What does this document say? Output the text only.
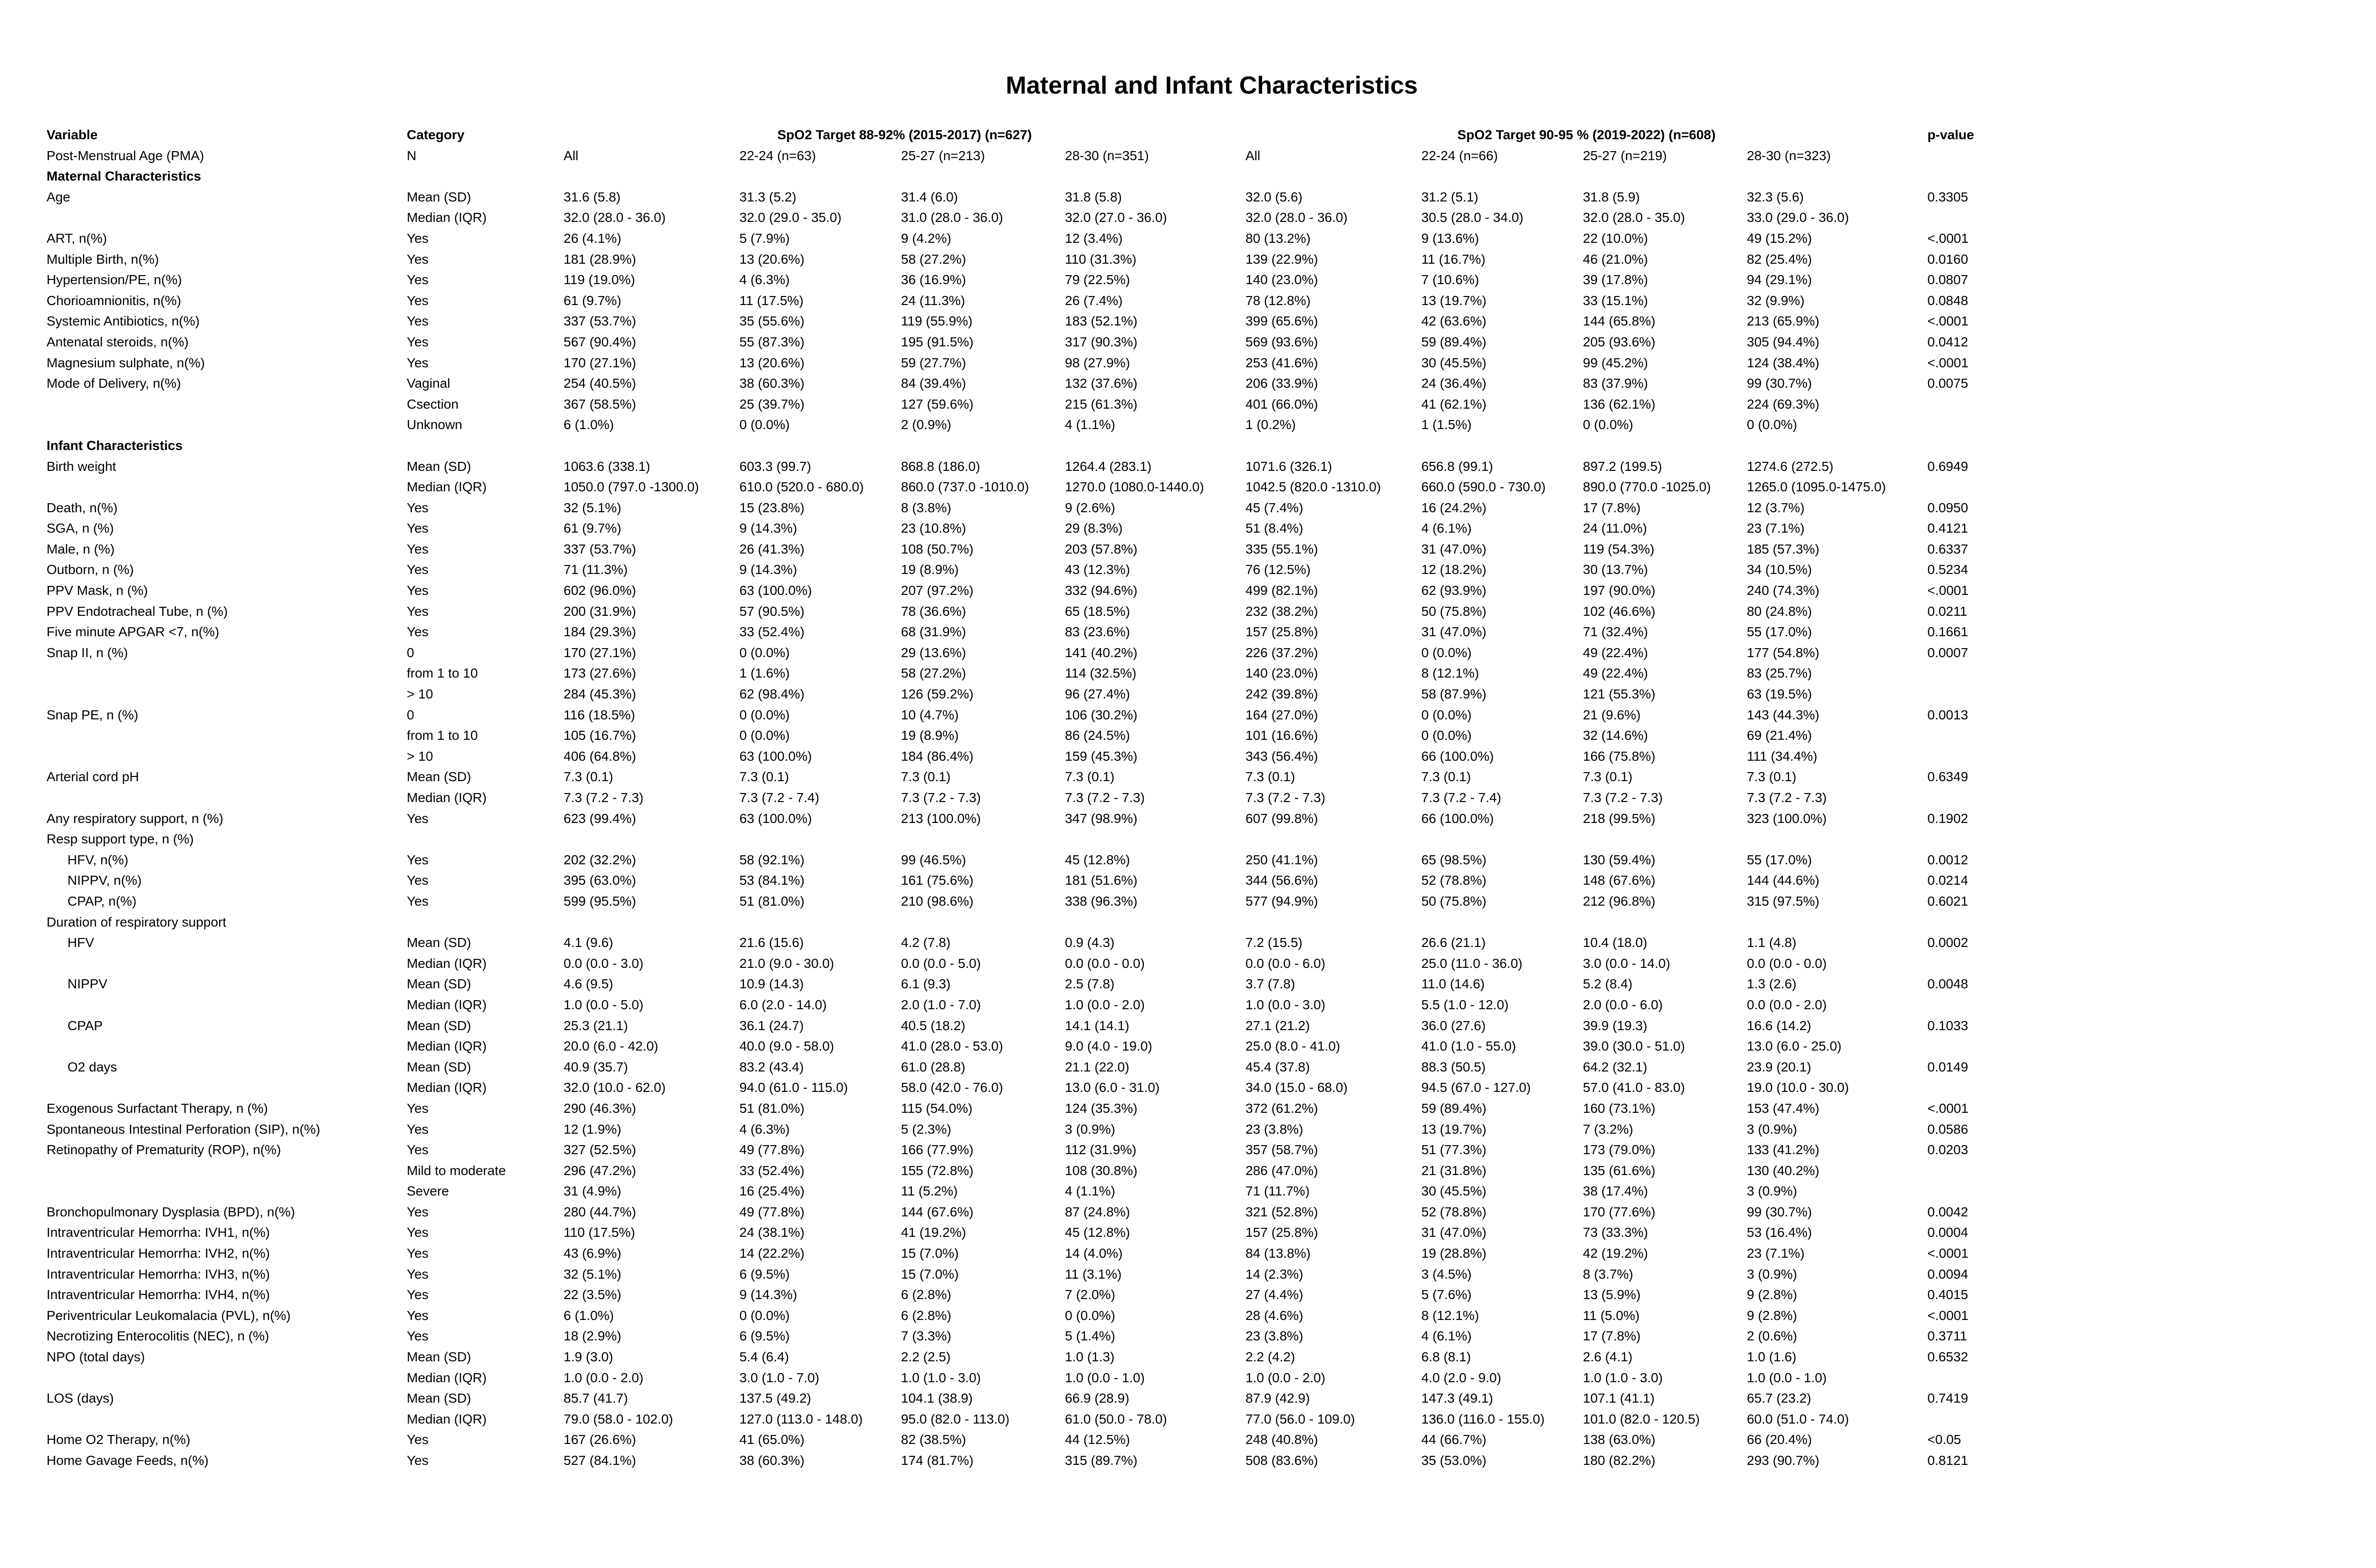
Maternal and Infant Characteristics
Variable	Category	SpO2 Target 88-92% (2015-2017) (n=627)				SpO2 Target 90-95 % (2019-2022) (n=608)				p-value
Post-Menstrual Age (PMA)	N	All	22-24 (n=63)	25-27 (n=213)	28-30 (n=351)	All	22-24 (n=66)	25-27 (n=219)	28-30 (n=323)	
Maternal Characteristics										
Age	Mean (SD)	31.6 (5.8)	31.3 (5.2)	31.4 (6.0)	31.8 (5.8)	32.0 (5.6)	31.2 (5.1)	31.8 (5.9)	32.3 (5.6)	0.3305
	Median (IQR)	32.0 (28.0 - 36.0)	32.0 (29.0 - 35.0)	31.0 (28.0 - 36.0)	32.0 (27.0 - 36.0)	32.0 (28.0 - 36.0)	30.5 (28.0 - 34.0)	32.0 (28.0 - 35.0)	33.0 (29.0 - 36.0)	
ART, n(%)	Yes	26 (4.1%)	5 (7.9%)	9 (4.2%)	12 (3.4%)	80 (13.2%)	9 (13.6%)	22 (10.0%)	49 (15.2%)	<.0001
Multiple Birth, n(%)	Yes	181 (28.9%)	13 (20.6%)	58 (27.2%)	110 (31.3%)	139 (22.9%)	11 (16.7%)	46 (21.0%)	82 (25.4%)	0.0160
Hypertension/PE, n(%)	Yes	119 (19.0%)	4 (6.3%)	36 (16.9%)	79 (22.5%)	140 (23.0%)	7 (10.6%)	39 (17.8%)	94 (29.1%)	0.0807
Chorioamnionitis, n(%)	Yes	61 (9.7%)	11 (17.5%)	24 (11.3%)	26 (7.4%)	78 (12.8%)	13 (19.7%)	33 (15.1%)	32 (9.9%)	0.0848
Systemic Antibiotics, n(%)	Yes	337 (53.7%)	35 (55.6%)	119 (55.9%)	183 (52.1%)	399 (65.6%)	42 (63.6%)	144 (65.8%)	213 (65.9%)	<.0001
Antenatal steroids, n(%)	Yes	567 (90.4%)	55 (87.3%)	195 (91.5%)	317 (90.3%)	569 (93.6%)	59 (89.4%)	205 (93.6%)	305 (94.4%)	0.0412
Magnesium sulphate, n(%)	Yes	170 (27.1%)	13 (20.6%)	59 (27.7%)	98 (27.9%)	253 (41.6%)	30 (45.5%)	99 (45.2%)	124 (38.4%)	<.0001
Mode of Delivery, n(%)	Vaginal	254 (40.5%)	38 (60.3%)	84 (39.4%)	132 (37.6%)	206 (33.9%)	24 (36.4%)	83 (37.9%)	99 (30.7%)	0.0075
	Csection	367 (58.5%)	25 (39.7%)	127 (59.6%)	215 (61.3%)	401 (66.0%)	41 (62.1%)	136 (62.1%)	224 (69.3%)	
	Unknown	6 (1.0%)	0 (0.0%)	2 (0.9%)	4 (1.1%)	1 (0.2%)	1 (1.5%)	0 (0.0%)	0 (0.0%)	
Infant Characteristics										
Birth weight	Mean (SD)	1063.6 (338.1)	603.3 (99.7)	868.8 (186.0)	1264.4 (283.1)	1071.6 (326.1)	656.8 (99.1)	897.2 (199.5)	1274.6 (272.5)	0.6949
	Median (IQR)	1050.0 (797.0 -1300.0)	610.0 (520.0 - 680.0)	860.0 (737.0 -1010.0)	1270.0 (1080.0-1440.0)	1042.5 (820.0 -1310.0)	660.0 (590.0 - 730.0)	890.0 (770.0 -1025.0)	1265.0 (1095.0-1475.0)	
Death, n(%)	Yes	32 (5.1%)	15 (23.8%)	8 (3.8%)	9 (2.6%)	45 (7.4%)	16 (24.2%)	17 (7.8%)	12 (3.7%)	0.0950
SGA, n (%)	Yes	61 (9.7%)	9 (14.3%)	23 (10.8%)	29 (8.3%)	51 (8.4%)	4 (6.1%)	24 (11.0%)	23 (7.1%)	0.4121
Male, n (%)	Yes	337 (53.7%)	26 (41.3%)	108 (50.7%)	203 (57.8%)	335 (55.1%)	31 (47.0%)	119 (54.3%)	185 (57.3%)	0.6337
Outborn, n (%)	Yes	71 (11.3%)	9 (14.3%)	19 (8.9%)	43 (12.3%)	76 (12.5%)	12 (18.2%)	30 (13.7%)	34 (10.5%)	0.5234
PPV Mask, n (%)	Yes	602 (96.0%)	63 (100.0%)	207 (97.2%)	332 (94.6%)	499 (82.1%)	62 (93.9%)	197 (90.0%)	240 (74.3%)	<.0001
PPV Endotracheal Tube, n (%)	Yes	200 (31.9%)	57 (90.5%)	78 (36.6%)	65 (18.5%)	232 (38.2%)	50 (75.8%)	102 (46.6%)	80 (24.8%)	0.0211
Five minute APGAR <7, n(%)	Yes	184 (29.3%)	33 (52.4%)	68 (31.9%)	83 (23.6%)	157 (25.8%)	31 (47.0%)	71 (32.4%)	55 (17.0%)	0.1661
Snap II, n (%)	0	170 (27.1%)	0 (0.0%)	29 (13.6%)	141 (40.2%)	226 (37.2%)	0 (0.0%)	49 (22.4%)	177 (54.8%)	0.0007
	from 1 to 10	173 (27.6%)	1 (1.6%)	58 (27.2%)	114 (32.5%)	140 (23.0%)	8 (12.1%)	49 (22.4%)	83 (25.7%)	
	> 10	284 (45.3%)	62 (98.4%)	126 (59.2%)	96 (27.4%)	242 (39.8%)	58 (87.9%)	121 (55.3%)	63 (19.5%)	
Snap PE, n (%)	0	116 (18.5%)	0 (0.0%)	10 (4.7%)	106 (30.2%)	164 (27.0%)	0 (0.0%)	21 (9.6%)	143 (44.3%)	0.0013
	from 1 to 10	105 (16.7%)	0 (0.0%)	19 (8.9%)	86 (24.5%)	101 (16.6%)	0 (0.0%)	32 (14.6%)	69 (21.4%)	
	> 10	406 (64.8%)	63 (100.0%)	184 (86.4%)	159 (45.3%)	343 (56.4%)	66 (100.0%)	166 (75.8%)	111 (34.4%)	
Arterial cord pH	Mean (SD)	7.3 (0.1)	7.3 (0.1)	7.3 (0.1)	7.3 (0.1)	7.3 (0.1)	7.3 (0.1)	7.3 (0.1)	7.3 (0.1)	0.6349
	Median (IQR)	7.3 (7.2 - 7.3)	7.3 (7.2 - 7.4)	7.3 (7.2 - 7.3)	7.3 (7.2 - 7.3)	7.3 (7.2 - 7.3)	7.3 (7.2 - 7.4)	7.3 (7.2 - 7.3)	7.3 (7.2 - 7.3)	
Any respiratory support, n (%)	Yes	623 (99.4%)	63 (100.0%)	213 (100.0%)	347 (98.9%)	607 (99.8%)	66 (100.0%)	218 (99.5%)	323 (100.0%)	0.1902
Resp support type, n (%)										
HFV, n(%)	Yes	202 (32.2%)	58 (92.1%)	99 (46.5%)	45 (12.8%)	250 (41.1%)	65 (98.5%)	130 (59.4%)	55 (17.0%)	0.0012
NIPPV, n(%)	Yes	395 (63.0%)	53 (84.1%)	161 (75.6%)	181 (51.6%)	344 (56.6%)	52 (78.8%)	148 (67.6%)	144 (44.6%)	0.0214
CPAP, n(%)	Yes	599 (95.5%)	51 (81.0%)	210 (98.6%)	338 (96.3%)	577 (94.9%)	50 (75.8%)	212 (96.8%)	315 (97.5%)	0.6021
Duration of respiratory support										
HFV	Mean (SD)	4.1 (9.6)	21.6 (15.6)	4.2 (7.8)	0.9 (4.3)	7.2 (15.5)	26.6 (21.1)	10.4 (18.0)	1.1 (4.8)	0.0002
	Median (IQR)	0.0 (0.0 - 3.0)	21.0 (9.0 - 30.0)	0.0 (0.0 - 5.0)	0.0 (0.0 - 0.0)	0.0 (0.0 - 6.0)	25.0 (11.0 - 36.0)	3.0 (0.0 - 14.0)	0.0 (0.0 - 0.0)	
NIPPV	Mean (SD)	4.6 (9.5)	10.9 (14.3)	6.1 (9.3)	2.5 (7.8)	3.7 (7.8)	11.0 (14.6)	5.2 (8.4)	1.3 (2.6)	0.0048
	Median (IQR)	1.0 (0.0 - 5.0)	6.0 (2.0 - 14.0)	2.0 (1.0 - 7.0)	1.0 (0.0 - 2.0)	1.0 (0.0 - 3.0)	5.5 (1.0 - 12.0)	2.0 (0.0 - 6.0)	0.0 (0.0 - 2.0)	
CPAP	Mean (SD)	25.3 (21.1)	36.1 (24.7)	40.5 (18.2)	14.1 (14.1)	27.1 (21.2)	36.0 (27.6)	39.9 (19.3)	16.6 (14.2)	0.1033
	Median (IQR)	20.0 (6.0 - 42.0)	40.0 (9.0 - 58.0)	41.0 (28.0 - 53.0)	9.0 (4.0 - 19.0)	25.0 (8.0 - 41.0)	41.0 (1.0 - 55.0)	39.0 (30.0 - 51.0)	13.0 (6.0 - 25.0)	
O2 days	Mean (SD)	40.9 (35.7)	83.2 (43.4)	61.0 (28.8)	21.1 (22.0)	45.4 (37.8)	88.3 (50.5)	64.2 (32.1)	23.9 (20.1)	0.0149
	Median (IQR)	32.0 (10.0 - 62.0)	94.0 (61.0 - 115.0)	58.0 (42.0 - 76.0)	13.0 (6.0 - 31.0)	34.0 (15.0 - 68.0)	94.5 (67.0 - 127.0)	57.0 (41.0 - 83.0)	19.0 (10.0 - 30.0)	
Exogenous Surfactant Therapy, n (%)	Yes	290 (46.3%)	51 (81.0%)	115 (54.0%)	124 (35.3%)	372 (61.2%)	59 (89.4%)	160 (73.1%)	153 (47.4%)	<.0001
Spontaneous Intestinal Perforation (SIP), n(%)	Yes	12 (1.9%)	4 (6.3%)	5 (2.3%)	3 (0.9%)	23 (3.8%)	13 (19.7%)	7 (3.2%)	3 (0.9%)	0.0586
Retinopathy of Prematurity (ROP), n(%)	Yes	327 (52.5%)	49 (77.8%)	166 (77.9%)	112 (31.9%)	357 (58.7%)	51 (77.3%)	173 (79.0%)	133 (41.2%)	0.0203
	Mild to moderate	296 (47.2%)	33 (52.4%)	155 (72.8%)	108 (30.8%)	286 (47.0%)	21 (31.8%)	135 (61.6%)	130 (40.2%)	
	Severe	31 (4.9%)	16 (25.4%)	11 (5.2%)	4 (1.1%)	71 (11.7%)	30 (45.5%)	38 (17.4%)	3 (0.9%)	
Bronchopulmonary Dysplasia (BPD), n(%)	Yes	280 (44.7%)	49 (77.8%)	144 (67.6%)	87 (24.8%)	321 (52.8%)	52 (78.8%)	170 (77.6%)	99 (30.7%)	0.0042
Intraventricular Hemorrha: IVH1, n(%)	Yes	110 (17.5%)	24 (38.1%)	41 (19.2%)	45 (12.8%)	157 (25.8%)	31 (47.0%)	73 (33.3%)	53 (16.4%)	0.0004
Intraventricular Hemorrha: IVH2, n(%)	Yes	43 (6.9%)	14 (22.2%)	15 (7.0%)	14 (4.0%)	84 (13.8%)	19 (28.8%)	42 (19.2%)	23 (7.1%)	<.0001
Intraventricular Hemorrha: IVH3, n(%)	Yes	32 (5.1%)	6 (9.5%)	15 (7.0%)	11 (3.1%)	14 (2.3%)	3 (4.5%)	8 (3.7%)	3 (0.9%)	0.0094
Intraventricular Hemorrha: IVH4, n(%)	Yes	22 (3.5%)	9 (14.3%)	6 (2.8%)	7 (2.0%)	27 (4.4%)	5 (7.6%)	13 (5.9%)	9 (2.8%)	0.4015
Periventricular Leukomalacia (PVL), n(%)	Yes	6 (1.0%)	0 (0.0%)	6 (2.8%)	0 (0.0%)	28 (4.6%)	8 (12.1%)	11 (5.0%)	9 (2.8%)	<.0001
Necrotizing Enterocolitis (NEC), n (%)	Yes	18 (2.9%)	6 (9.5%)	7 (3.3%)	5 (1.4%)	23 (3.8%)	4 (6.1%)	17 (7.8%)	2 (0.6%)	0.3711
NPO (total days)	Mean (SD)	1.9 (3.0)	5.4 (6.4)	2.2 (2.5)	1.0 (1.3)	2.2 (4.2)	6.8 (8.1)	2.6 (4.1)	1.0 (1.6)	0.6532
	Median (IQR)	1.0 (0.0 - 2.0)	3.0 (1.0 - 7.0)	1.0 (1.0 - 3.0)	1.0 (0.0 - 1.0)	1.0 (0.0 - 2.0)	4.0 (2.0 - 9.0)	1.0 (1.0 - 3.0)	1.0 (0.0 - 1.0)	
LOS (days)	Mean (SD)	85.7 (41.7)	137.5 (49.2)	104.1 (38.9)	66.9 (28.9)	87.9 (42.9)	147.3 (49.1)	107.1 (41.1)	65.7 (23.2)	0.7419
	Median (IQR)	79.0 (58.0 - 102.0)	127.0 (113.0 - 148.0)	95.0 (82.0 - 113.0)	61.0 (50.0 - 78.0)	77.0 (56.0 - 109.0)	136.0 (116.0 - 155.0)	101.0 (82.0 - 120.5)	60.0 (51.0 - 74.0)	
Home O2 Therapy, n(%)	Yes	167 (26.6%)	41 (65.0%)	82 (38.5%)	44 (12.5%)	248 (40.8%)	44 (66.7%)	138 (63.0%)	66 (20.4%)	<0.05
Home Gavage Feeds, n(%)	Yes	527 (84.1%)	38 (60.3%)	174 (81.7%)	315 (89.7%)	508 (83.6%)	35 (53.0%)	180 (82.2%)	293 (90.7%)	0.8121
